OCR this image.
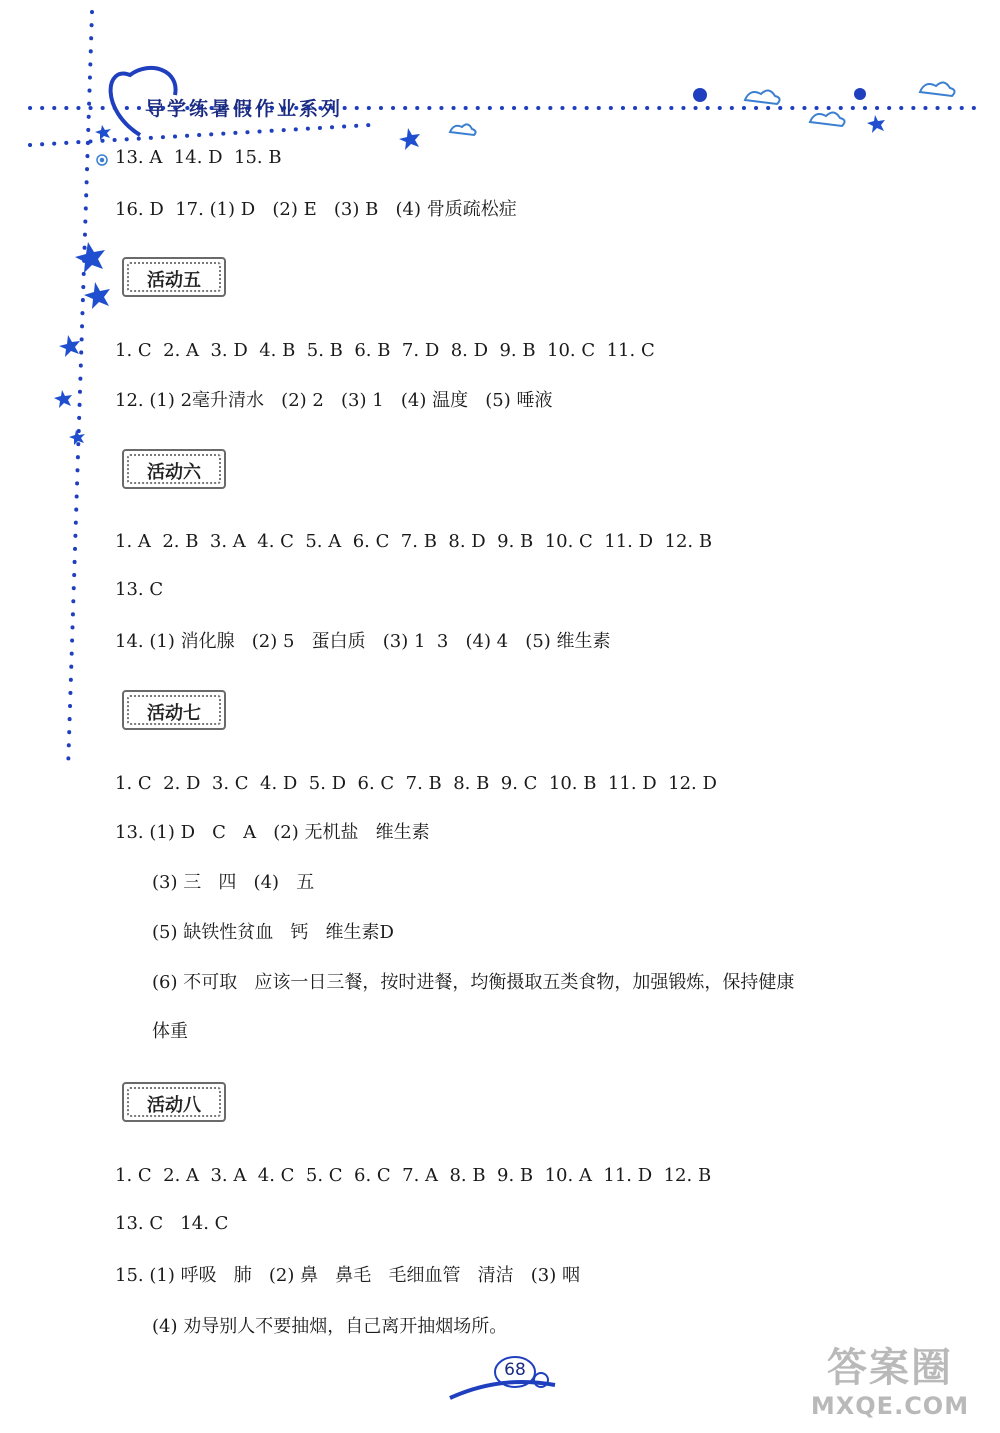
导学练暑假作业系列
13. A  14. D  15. B
16. D  17. (1) D   (2) E   (3) B   (4) 骨质疏松症
活动五
1. C  2. A  3. D  4. B  5. B  6. B  7. D  8. D  9. B  10. C  11. C
12. (1) 2毫升清水   (2) 2   (3) 1   (4) 温度   (5) 唾液
活动六
1. A  2. B  3. A  4. C  5. A  6. C  7. B  8. D  9. B  10. C  11. D  12. B
13. C
14. (1) 消化腺   (2) 5   蛋白质   (3) 1  3   (4) 4   (5) 维生素
活动七
1. C  2. D  3. C  4. D  5. D  6. C  7. B  8. B  9. C  10. B  11. D  12. D
13. (1) D   C   A   (2) 无机盐   维生素
(3) 三   四   (4)   五
(5) 缺铁性贫血   钙   维生素D
(6) 不可取   应该一日三餐，按时进餐，均衡摄取五类食物，加强锻炼，保持健康
体重
活动八
1. C  2. A  3. A  4. C  5. C  6. C  7. A  8. B  9. B  10. A  11. D  12. B
13. C   14. C
15. (1) 呼吸   肺   (2) 鼻   鼻毛   毛细血管   清洁   (3) 咽
(4) 劝导别人不要抽烟，自己离开抽烟场所。
68	答案圈
MXQE.COM
